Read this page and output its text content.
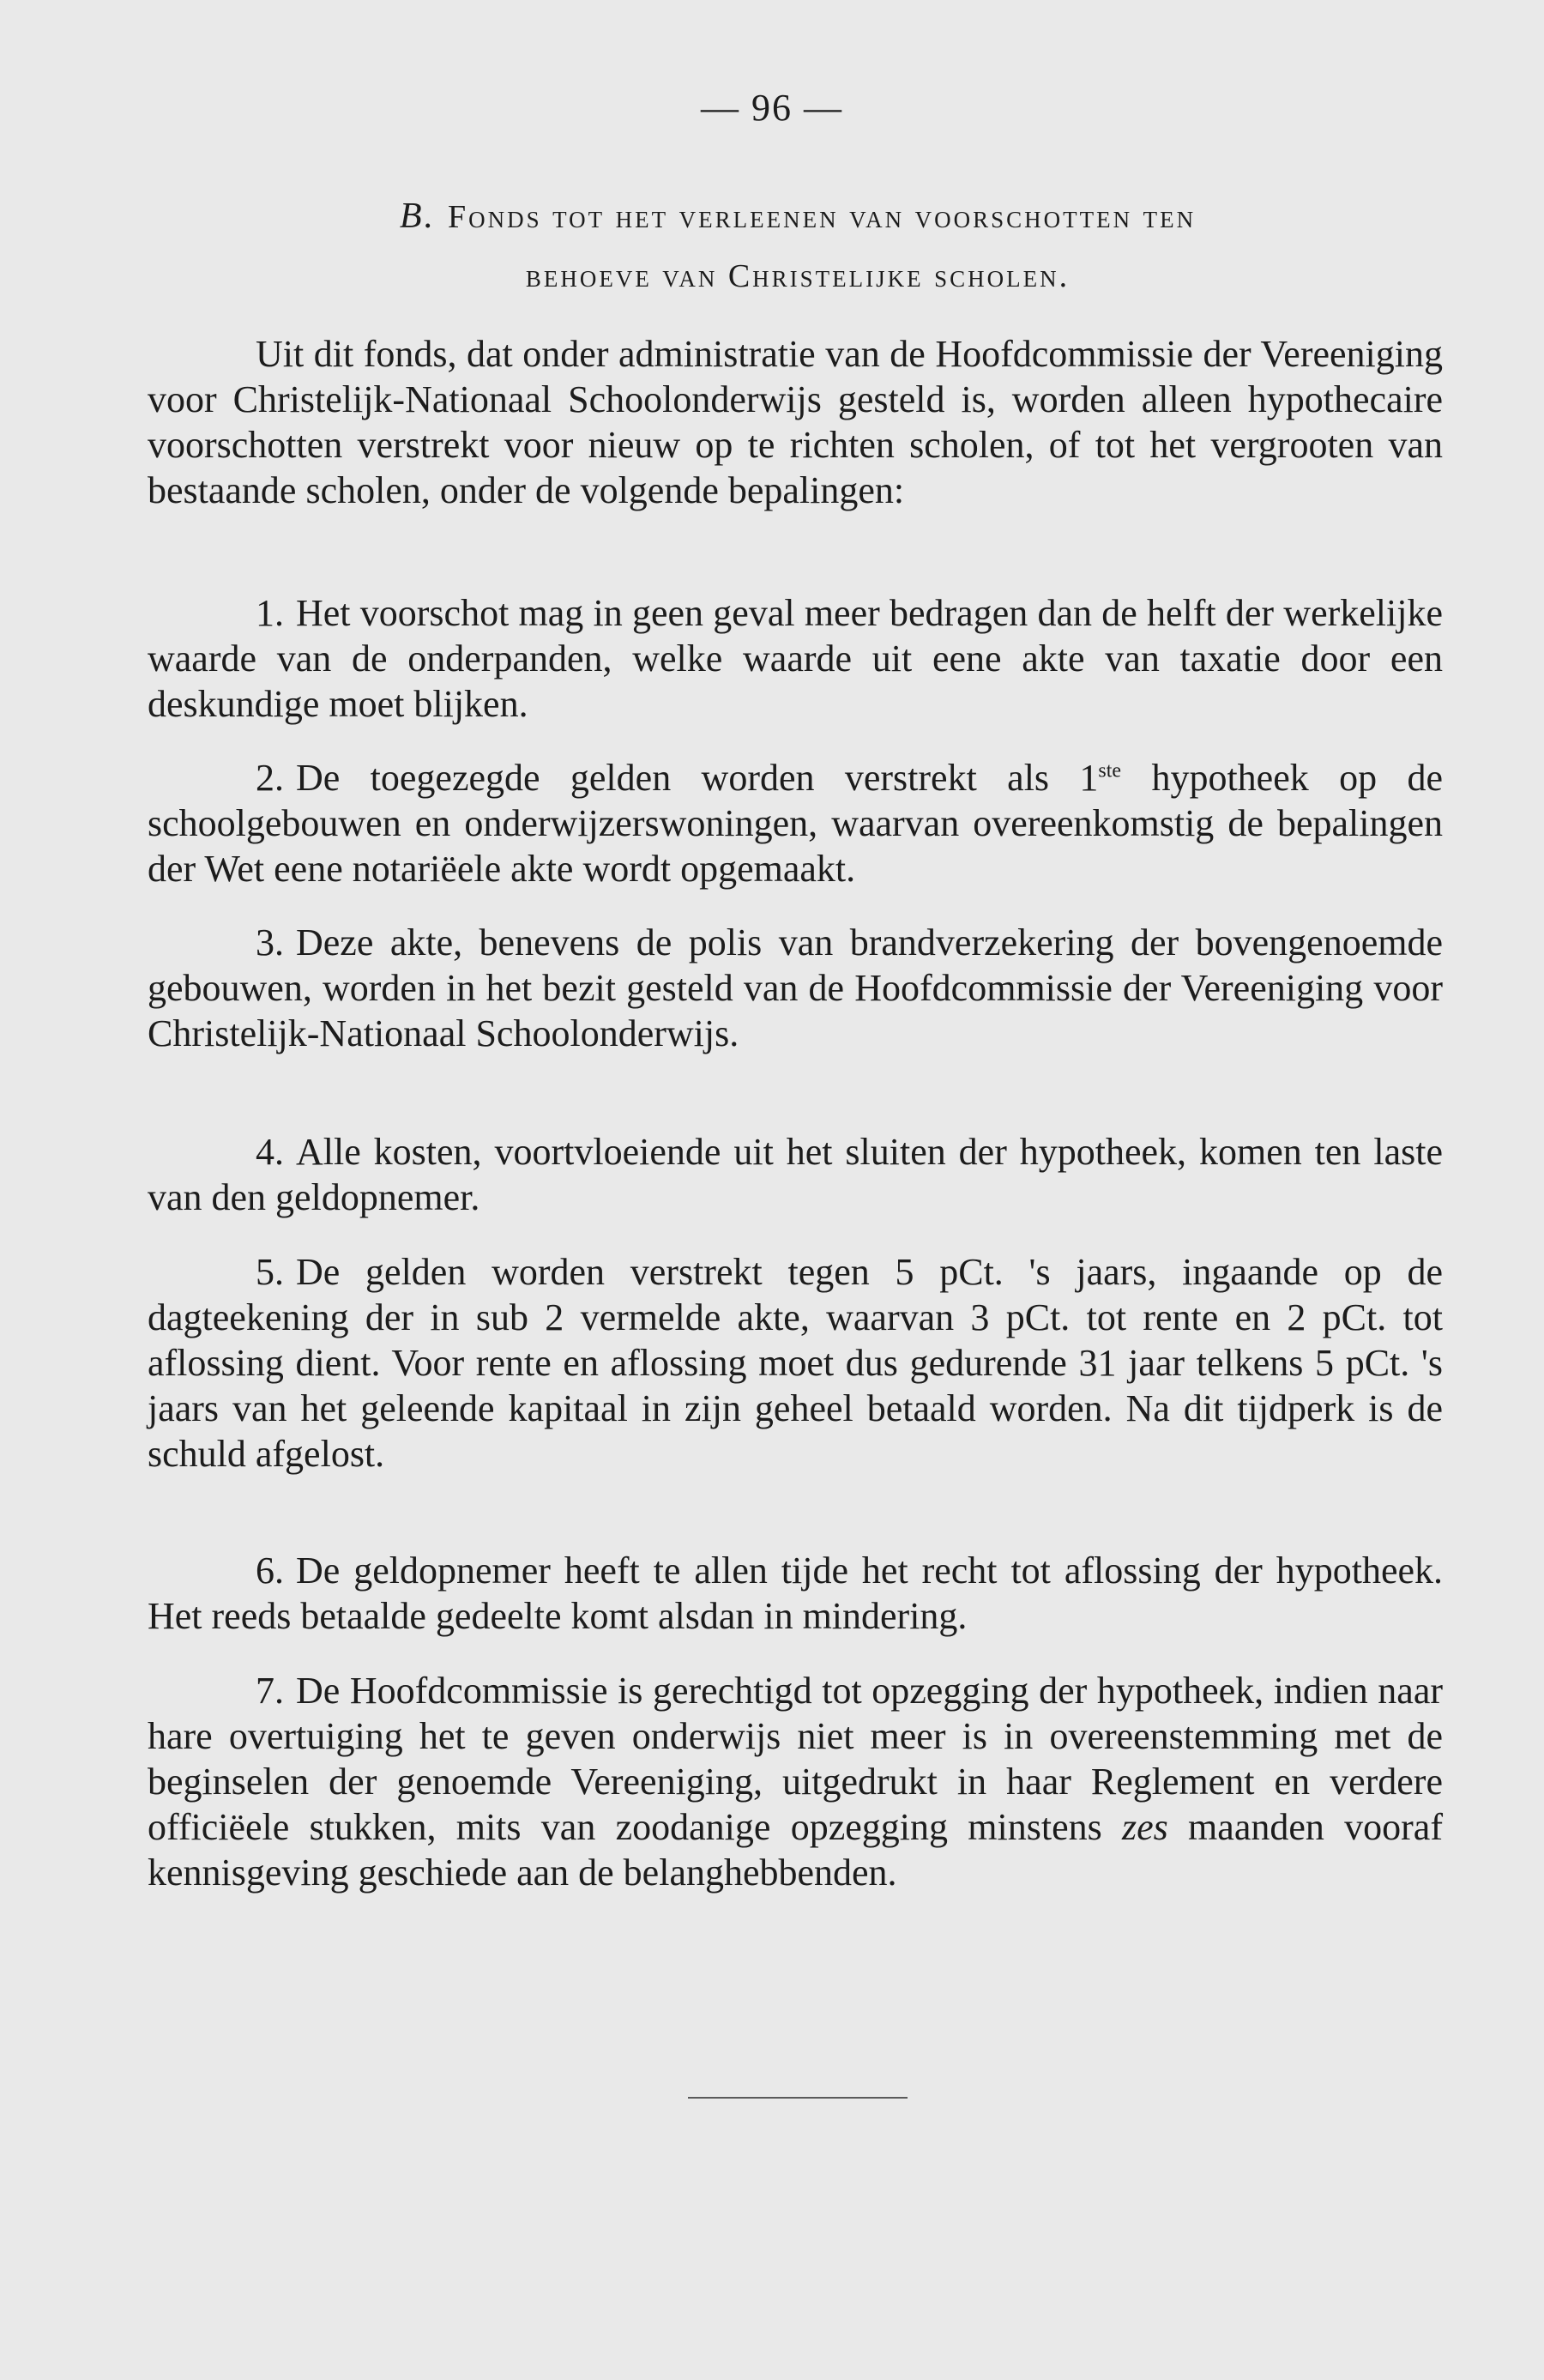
— 96 —
B. Fonds tot het verleenen van voorschotten ten
behoeve van Christelijke scholen.

Uit dit fonds, dat onder administratie van de Hoofdcommissie der Vereeniging voor Christelijk-Nationaal Schoolonderwijs gesteld is, worden alleen hypothecaire voorschotten verstrekt voor nieuw op te richten scholen, of tot het vergrooten van bestaande scholen, onder de volgende bepalingen:

1. Het voorschot mag in geen geval meer bedragen dan de helft der werkelijke waarde van de onderpanden, welke waarde uit eene akte van taxatie door een deskundige moet blijken.

2. De toegezegde gelden worden verstrekt als 1ste hypotheek op de schoolgebouwen en onderwijzerswoningen, waarvan overeenkomstig de bepalingen der Wet eene notariëele akte wordt opgemaakt.

3. Deze akte, benevens de polis van brandverzekering der bovengenoemde gebouwen, worden in het bezit gesteld van de Hoofdcommissie der Vereeniging voor Christelijk-Nationaal Schoolonderwijs.

4. Alle kosten, voortvloeiende uit het sluiten der hypotheek, komen ten laste van den geldopnemer.

5. De gelden worden verstrekt tegen 5 pCt. 's jaars, ingaande op de dagteekening der in sub 2 vermelde akte, waarvan 3 pCt. tot rente en 2 pCt. tot aflossing dient. Voor rente en aflossing moet dus gedurende 31 jaar telkens 5 pCt. 's jaars van het geleende kapitaal in zijn geheel betaald worden. Na dit tijdperk is de schuld afgelost.

6. De geldopnemer heeft te allen tijde het recht tot aflossing der hypotheek. Het reeds betaalde gedeelte komt alsdan in mindering.

7. De Hoofdcommissie is gerechtigd tot opzegging der hypotheek, indien naar hare overtuiging het te geven onderwijs niet meer is in overeenstemming met de beginselen der genoemde Vereeniging, uitgedrukt in haar Reglement en verdere officiëele stukken, mits van zoodanige opzegging minstens zes maanden vooraf kennisgeving geschiede aan de belanghebbenden.
